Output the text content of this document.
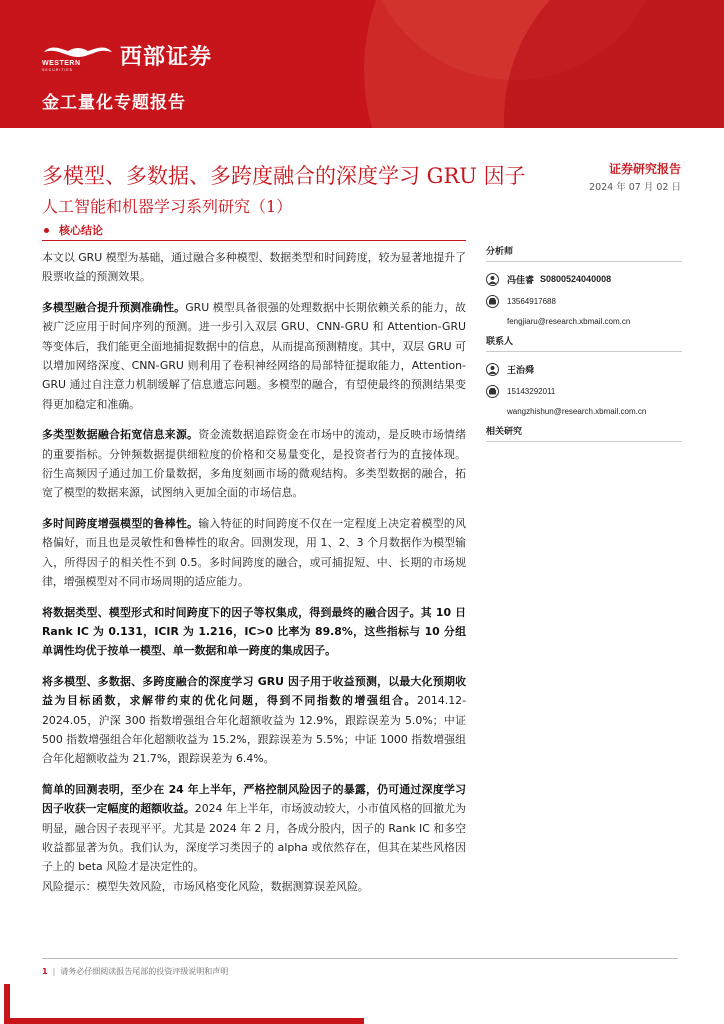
WESTERN
SECURITIES 西部证券
金工量化专题报告
多模型、多数据、多跨度融合的深度学习 GRU 因子
人工智能和机器学习系列研究（1）
证券研究报告
2024 年 07 月 02 日
核心结论

本文以 GRU 模型为基础，通过融合多种模型、数据类型和时间跨度，较为显著地提升了股票收益的预测效果。

多模型融合提升预测准确性。GRU 模型具备很强的处理数据中长期依赖关系的能力，故被广泛应用于时间序列的预测。进一步引入双层 GRU、CNN-GRU 和 Attention-GRU 等变体后，我们能更全面地捕捉数据中的信息，从而提高预测精度。其中，双层 GRU 可以增加网络深度、CNN-GRU 则利用了卷积神经网络的局部特征提取能力，Attention-GRU 通过自注意力机制缓解了信息遗忘问题。多模型的融合，有望使最终的预测结果变得更加稳定和准确。

多类型数据融合拓宽信息来源。资金流数据追踪资金在市场中的流动，是反映市场情绪的重要指标。分钟频数据提供细粒度的价格和交易量变化，是投资者行为的直接体现。衍生高频因子通过加工价量数据，多角度刻画市场的微观结构。多类型数据的融合，拓宽了模型的数据来源，试图纳入更加全面的市场信息。

多时间跨度增强模型的鲁棒性。输入特征的时间跨度不仅在一定程度上决定着模型的风格偏好，而且也是灵敏性和鲁棒性的取舍。回测发现，用 1、2、3 个月数据作为模型输入，所得因子的相关性不到 0.5。多时间跨度的融合，或可捕捉短、中、长期的市场规律，增强模型对不同市场周期的适应能力。

将数据类型、模型形式和时间跨度下的因子等权集成，得到最终的融合因子。其 10 日 Rank IC 为 0.131，ICIR 为 1.216，IC>0 比率为 89.8%，这些指标与 10 分组单调性均优于按单一模型、单一数据和单一跨度的集成因子。

将多模型、多数据、多跨度融合的深度学习 GRU 因子用于收益预测，以最大化预期收益为目标函数，求解带约束的优化问题，得到不同指数的增强组合。2014.12-2024.05，沪深 300 指数增强组合年化超额收益为 12.9%，跟踪误差为 5.0%；中证 500 指数增强组合年化超额收益为 15.2%，跟踪误差为 5.5%；中证 1000 指数增强组合年化超额收益为 21.7%，跟踪误差为 6.4%。

简单的回测表明，至少在 24 年上半年，严格控制风险因子的暴露，仍可通过深度学习因子收获一定幅度的超额收益。2024 年上半年，市场波动较大，小市值风格的回撤尤为明显，融合因子表现平平。尤其是 2024 年 2 月，各成分股内，因子的 Rank IC 和多空收益都显著为负。我们认为，深度学习类因子的 alpha 或依然存在，但其在某些风格因子上的 beta 风险才是决定性的。

风险提示：模型失效风险，市场风格变化风险，数据测算误差风险。

分析师
冯佳睿 S0800524040008
13564917688
fengjiaru@research.xbmail.com.cn
联系人
王治舜
15143292011
wangzhishun@research.xbmail.com.cn
相关研究
1 | 请务必仔细阅读报告尾部的投资评级说明和声明
